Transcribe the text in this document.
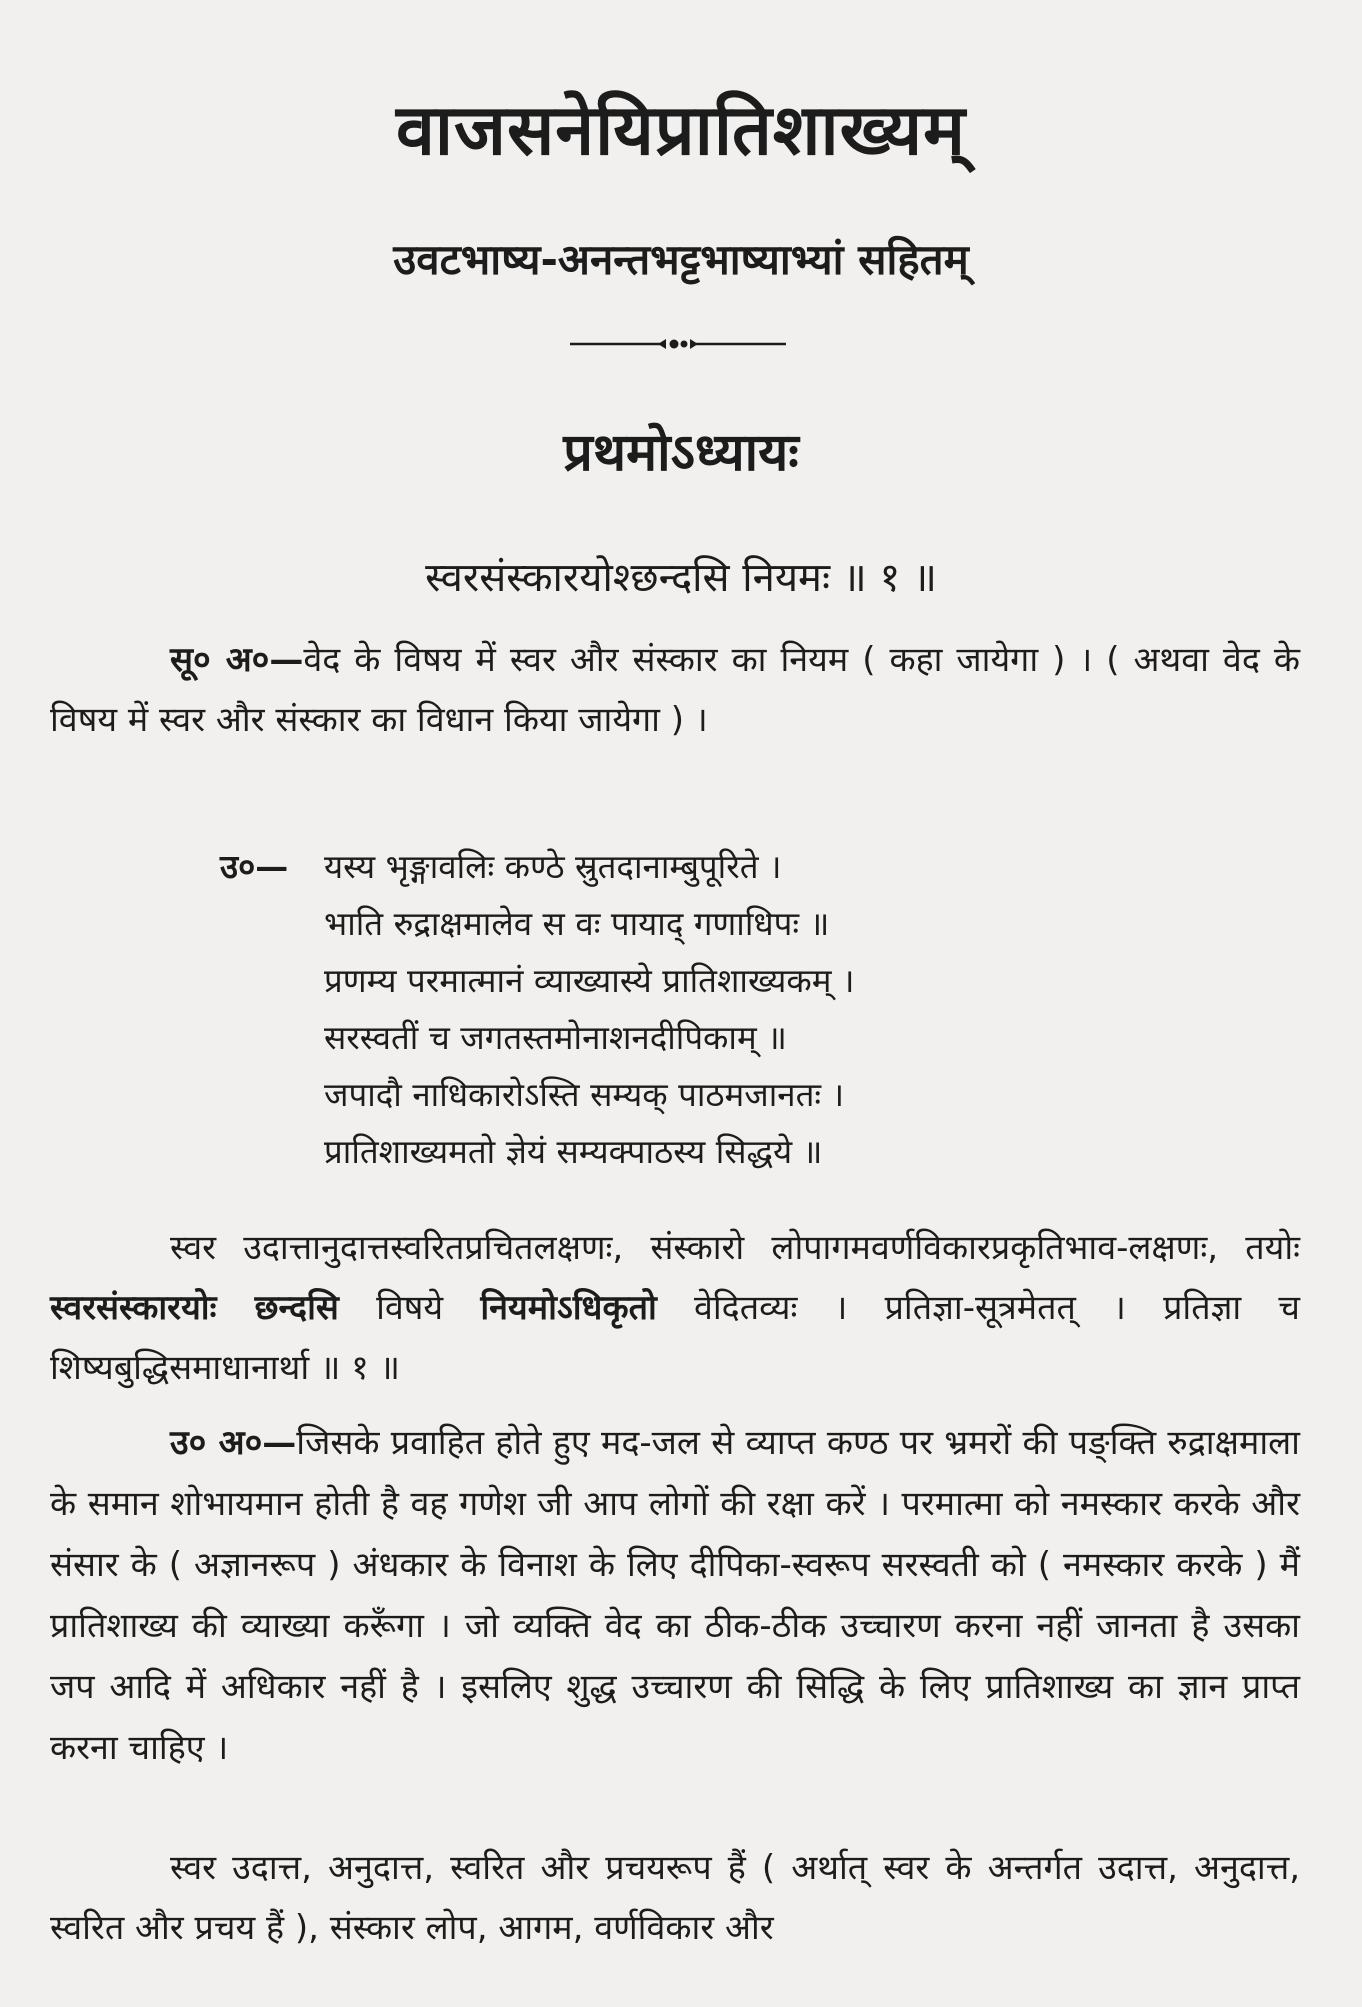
वाजसनेयिप्रातिशाख्यम्
उवटभाष्य-अनन्तभट्टभाष्याभ्यां सहितम्
प्रथमोऽध्यायः
स्वरसंस्कारयोश्छन्दसि नियमः ॥ १ ॥
सू० अ०—वेद के विषय में स्वर और संस्कार का नियम ( कहा जायेगा ) । ( अथवा वेद के विषय में स्वर और संस्कार का विधान किया जायेगा ) ।
उ०— यस्य भृङ्गावलिः कण्ठे स्रुतदानाम्बुपूरिते ।
भाति रुद्राक्षमालेव स वः पायाद् गणाधिपः ॥
प्रणम्य परमात्मानं व्याख्यास्ये प्रातिशाख्यकम् ।
सरस्वतीं च जगतस्तमोनाशनदीपिकाम् ॥
जपादौ नाधिकारोऽस्ति सम्यक् पाठमजानतः ।
प्रातिशाख्यमतो ज्ञेयं सम्यक्पाठस्य सिद्धये ॥
स्वर उदात्तानुदात्तस्वरितप्रचितलक्षणः, संस्कारो लोपागमवर्णविकारप्रकृतिभाव-लक्षणः, तयोः स्वरसंस्कारयोः छन्दसि विषये नियमोऽधिकृतो वेदितव्यः । प्रतिज्ञा-सूत्रमेतत् । प्रतिज्ञा च शिष्यबुद्धिसमाधानार्था ॥ १ ॥
उ० अ०—जिसके प्रवाहित होते हुए मद-जल से व्याप्त कण्ठ पर भ्रमरों की पङ्क्ति रुद्राक्षमाला के समान शोभायमान होती है वह गणेश जी आप लोगों की रक्षा करें । परमात्मा को नमस्कार करके और संसार के ( अज्ञानरूप ) अंधकार के विनाश के लिए दीपिका-स्वरूप सरस्वती को ( नमस्कार करके ) मैं प्रातिशाख्य की व्याख्या करूँगा । जो व्यक्ति वेद का ठीक-ठीक उच्चारण करना नहीं जानता है उसका जप आदि में अधिकार नहीं है । इसलिए शुद्ध उच्चारण की सिद्धि के लिए प्रातिशाख्य का ज्ञान प्राप्त करना चाहिए ।
स्वर उदात्त, अनुदात्त, स्वरित और प्रचयरूप हैं ( अर्थात् स्वर के अन्तर्गत उदात्त, अनुदात्त, स्वरित और प्रचय हैं ), संस्कार लोप, आगम, वर्णविकार और
